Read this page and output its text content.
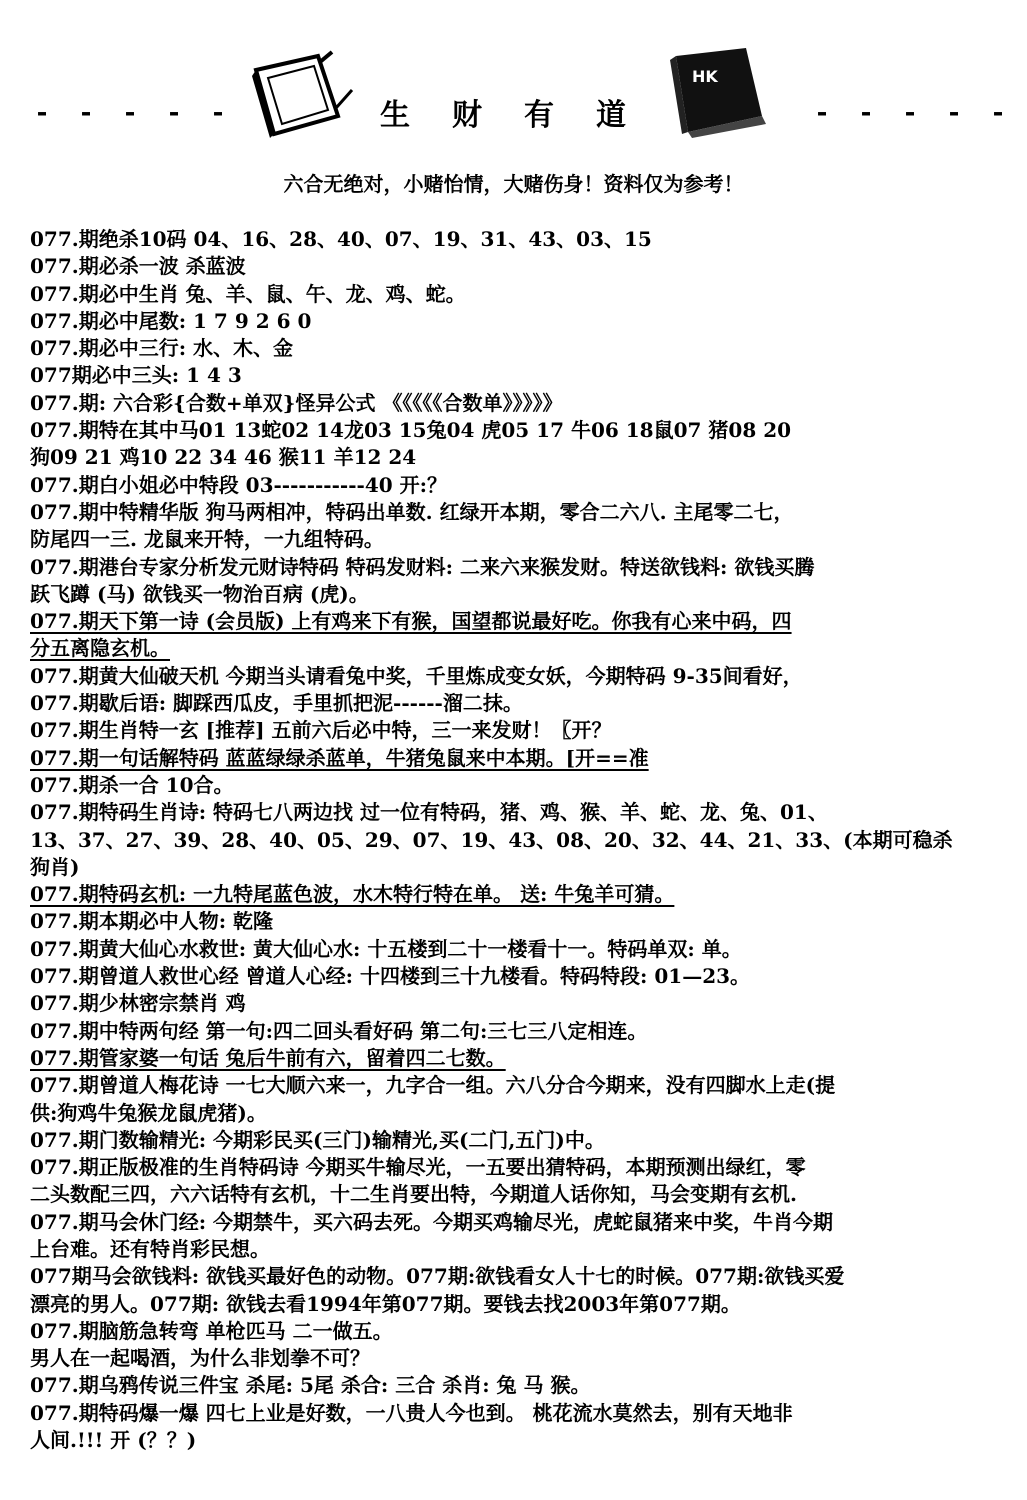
- - - - -	生 财 有 道
HK
- - - - -
六合无绝对，小赌怡情，大赌伤身！资料仅为参考！
077.期绝杀10码 04、16、28、40、07、19、31、43、03、15
077.期必杀一波 杀蓝波
077.期必中生肖 兔、羊、鼠、午、龙、鸡、蛇。
077.期必中尾数: 1 7 9 2 6 0
077.期必中三行: 水、木、金
077期必中三头: 1 4 3
077.期: 六合彩{合数+单双}怪异公式 《《《《《合数单》》》》》
077.期特在其中马01 13蛇02 14龙03 15兔04 虎05 17 牛06 18鼠07 猪08 20
狗09 21 鸡10 22 34 46 猴11 羊12 24
077.期白小姐必中特段 03-----------40 开:？
077.期中特精华版 狗马两相冲，特码出单数. 红绿开本期，零合二六八. 主尾零二七，
防尾四一三. 龙鼠来开特，一九组特码。
077.期港台专家分析发元财诗特码 特码发财料: 二来六来猴发财。特送欲钱料: 欲钱买腾
跃飞蹲 (马) 欲钱买一物治百病 (虎)。
077.期天下第一诗 (会员版) 上有鸡来下有猴，国望都说最好吃。你我有心来中码，四
分五离隐玄机。
077.期黄大仙破天机 今期当头请看兔中奖，千里炼成变女妖，今期特码 9-35间看好，
077.期歇后语: 脚踩西瓜皮，手里抓把泥------溜二抹。
077.期生肖特一玄 [推荐] 五前六后必中特，三一来发财！〖开？
077.期一句话解特码 蓝蓝绿绿杀蓝单，牛猪兔鼠来中本期。[开==准
077.期杀一合 10合。
077.期特码生肖诗: 特码七八两边找 过一位有特码，猪、鸡、猴、羊、蛇、龙、兔、01、
13、37、27、39、28、40、05、29、07、19、43、08、20、32、44、21、33、(本期可稳杀
狗肖)
077.期特码玄机: 一九特尾蓝色波，水木特行特在单。 送: 牛兔羊可猜。
077.期本期必中人物: 乾隆
077.期黄大仙心水救世: 黄大仙心水: 十五楼到二十一楼看十一。特码单双: 单。
077.期曾道人救世心经 曾道人心经: 十四楼到三十九楼看。特码特段: 01—23。
077.期少林密宗禁肖 鸡
077.期中特两句经 第一句:四二回头看好码 第二句:三七三八定相连。
077.期管家婆一句话 兔后牛前有六，留着四二七数。
077.期曾道人梅花诗 一七大顺六来一，九字合一组。六八分合今期来，没有四脚水上走(提
供:狗鸡牛兔猴龙鼠虎猪)。
077.期门数输精光: 今期彩民买(三门)输精光,买(二门,五门)中。
077.期正版极准的生肖特码诗 今期买牛输尽光，一五要出猜特码，本期预测出绿红，零
二头数配三四，六六话特有玄机，十二生肖要出特，今期道人话你知，马会变期有玄机.
077.期马会休门经: 今期禁牛，买六码去死。今期买鸡输尽光，虎蛇鼠猪来中奖，牛肖今期
上台难。还有特肖彩民想。
077期马会欲钱料: 欲钱买最好色的动物。077期:欲钱看女人十七的时候。077期:欲钱买爱
漂亮的男人。077期: 欲钱去看1994年第077期。要钱去找2003年第077期。
077.期脑筋急转弯 单枪匹马 二一做五。
男人在一起喝酒，为什么非划拳不可？
077.期乌鸦传说三件宝 杀尾: 5尾 杀合: 三合 杀肖: 兔 马 猴。
077.期特码爆一爆 四七上业是好数，一八贵人今也到。 桃花流水莫然去，别有天地非
人间.!!! 开 (？？)
